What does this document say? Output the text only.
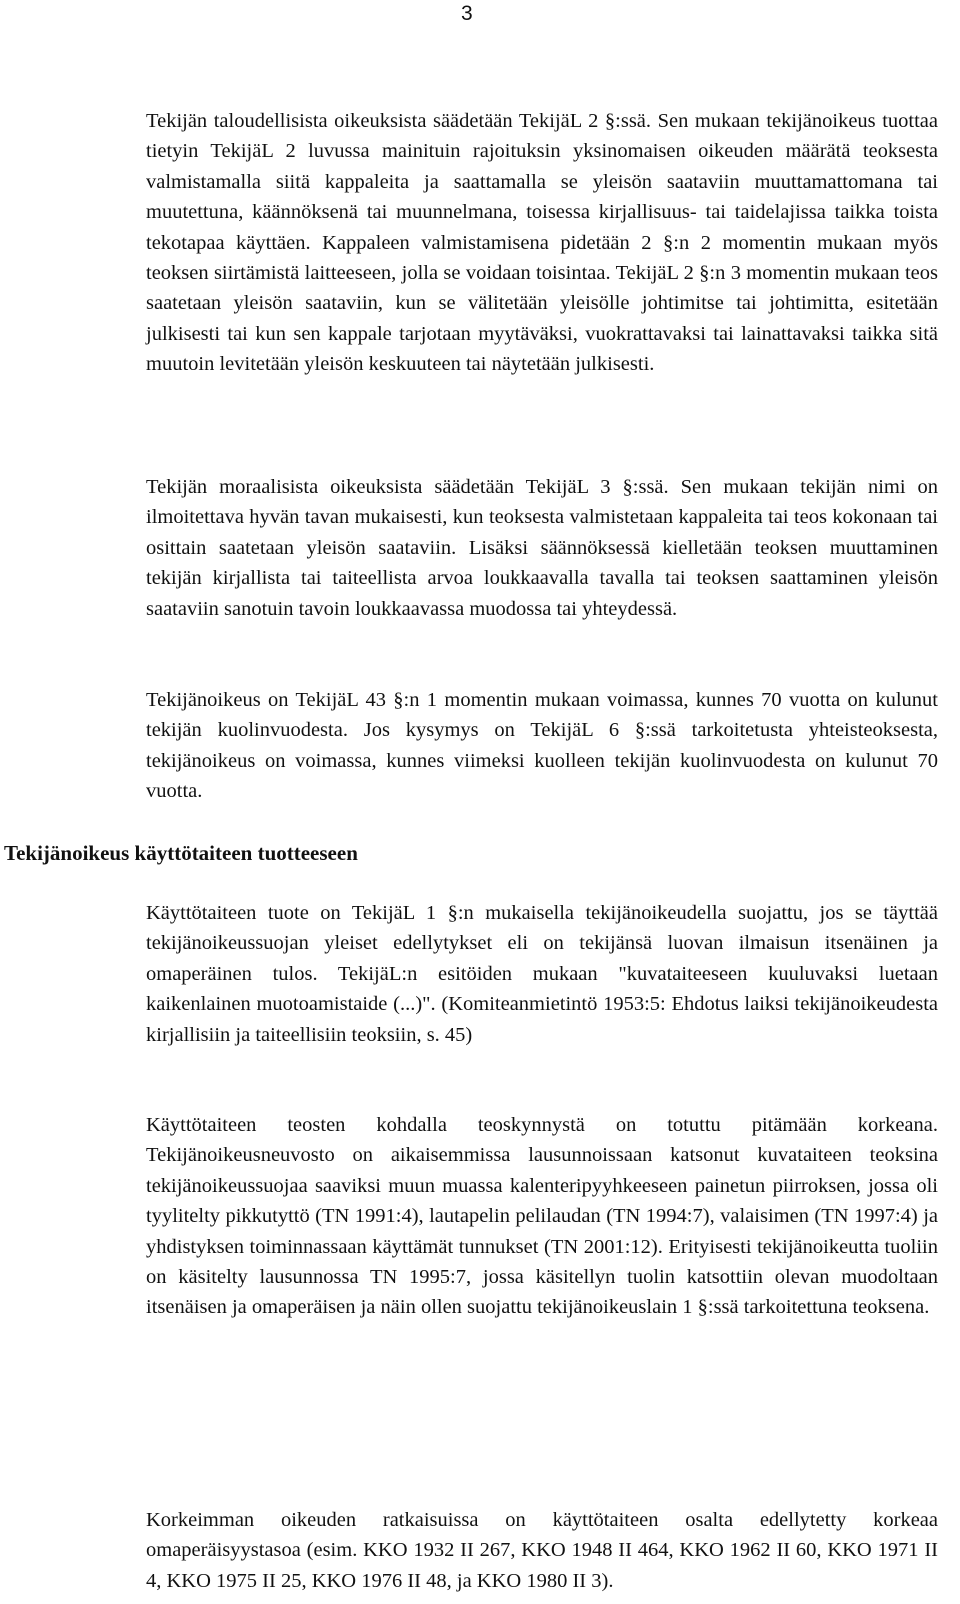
3

Tekijän taloudellisista oikeuksista säädetään TekijäL 2 §:ssä. Sen mukaan tekijänoikeus tuottaa tietyin TekijäL 2 luvussa mainituin rajoituksin yksinomaisen oikeuden määrätä teoksesta valmistamalla siitä kappaleita ja saattamalla se yleisön saataviin muuttamattomana tai muutettuna, käännöksenä tai muunnelmana, toisessa kirjallisuus- tai taidelajissa taikka toista tekotapaa käyttäen. Kappaleen valmistamisena pidetään 2 §:n 2 momentin mukaan myös teoksen siirtämistä laitteeseen, jolla se voidaan toisintaa. TekijäL 2 §:n 3 momentin mukaan teos saatetaan yleisön saataviin, kun se välitetään yleisölle johtimitse tai johtimitta, esitetään julkisesti tai kun sen kappale tarjotaan myytäväksi, vuokrattavaksi tai lainattavaksi taikka sitä muutoin levitetään yleisön keskuuteen tai näytetään julkisesti.

Tekijän moraalisista oikeuksista säädetään TekijäL 3 §:ssä. Sen mukaan tekijän nimi on ilmoitettava hyvän tavan mukaisesti, kun teoksesta valmistetaan kappaleita tai teos kokonaan tai osittain saatetaan yleisön saataviin. Lisäksi säännöksessä kielletään teoksen muuttaminen tekijän kirjallista tai taiteellista arvoa loukkaavalla tavalla tai teoksen saattaminen yleisön saataviin sanotuin tavoin loukkaavassa muodossa tai yhteydessä.

Tekijänoikeus on TekijäL 43 §:n 1 momentin mukaan voimassa, kunnes 70 vuotta on kulunut tekijän kuolinvuodesta. Jos kysymys on TekijäL 6 §:ssä tarkoitetusta yhteisteoksesta, tekijänoikeus on voimassa, kunnes viimeksi kuolleen tekijän kuolinvuodesta on kulunut 70 vuotta.

Tekijänoikeus käyttötaiteen tuotteeseen

Käyttötaiteen tuote on TekijäL 1 §:n mukaisella tekijänoikeudella suojattu, jos se täyttää tekijänoikeussuojan yleiset edellytykset eli on tekijänsä luovan ilmaisun itsenäinen ja omaperäinen tulos. TekijäL:n esitöiden mukaan "kuvataiteeseen kuuluvaksi luetaan kaikenlainen muotoamistaide (...)". (Komiteanmietintö 1953:5: Ehdotus laiksi tekijänoikeudesta kirjallisiin ja taiteellisiin teoksiin, s. 45)

Käyttötaiteen teosten kohdalla teoskynnystä on totuttu pitämään korkeana. Tekijänoikeusneuvosto on aikaisemmissa lausunnoissaan katsonut kuvataiteen teoksina tekijänoikeussuojaa saaviksi muun muassa kalenteripyyhkeeseen painetun piirroksen, jossa oli tyylitelty pikkutyttö (TN 1991:4), lautapelin pelilaudan (TN 1994:7), valaisimen (TN 1997:4) ja yhdistyksen toiminnassaan käyttämät tunnukset (TN 2001:12). Erityisesti tekijänoikeutta tuoliin on käsitelty lausunnossa TN 1995:7, jossa käsitellyn tuolin katsottiin olevan muodoltaan itsenäisen ja omaperäisen ja näin ollen suojattu tekijänoikeuslain 1 §:ssä tarkoitettuna teoksena.

Korkeimman oikeuden ratkaisuissa on käyttötaiteen osalta edellytetty korkeaa omaperäisyystasoa (esim. KKO 1932 II 267, KKO 1948 II 464, KKO 1962 II 60, KKO 1971 II 4, KKO 1975 II 25, KKO 1976 II 48, ja KKO 1980 II 3).
